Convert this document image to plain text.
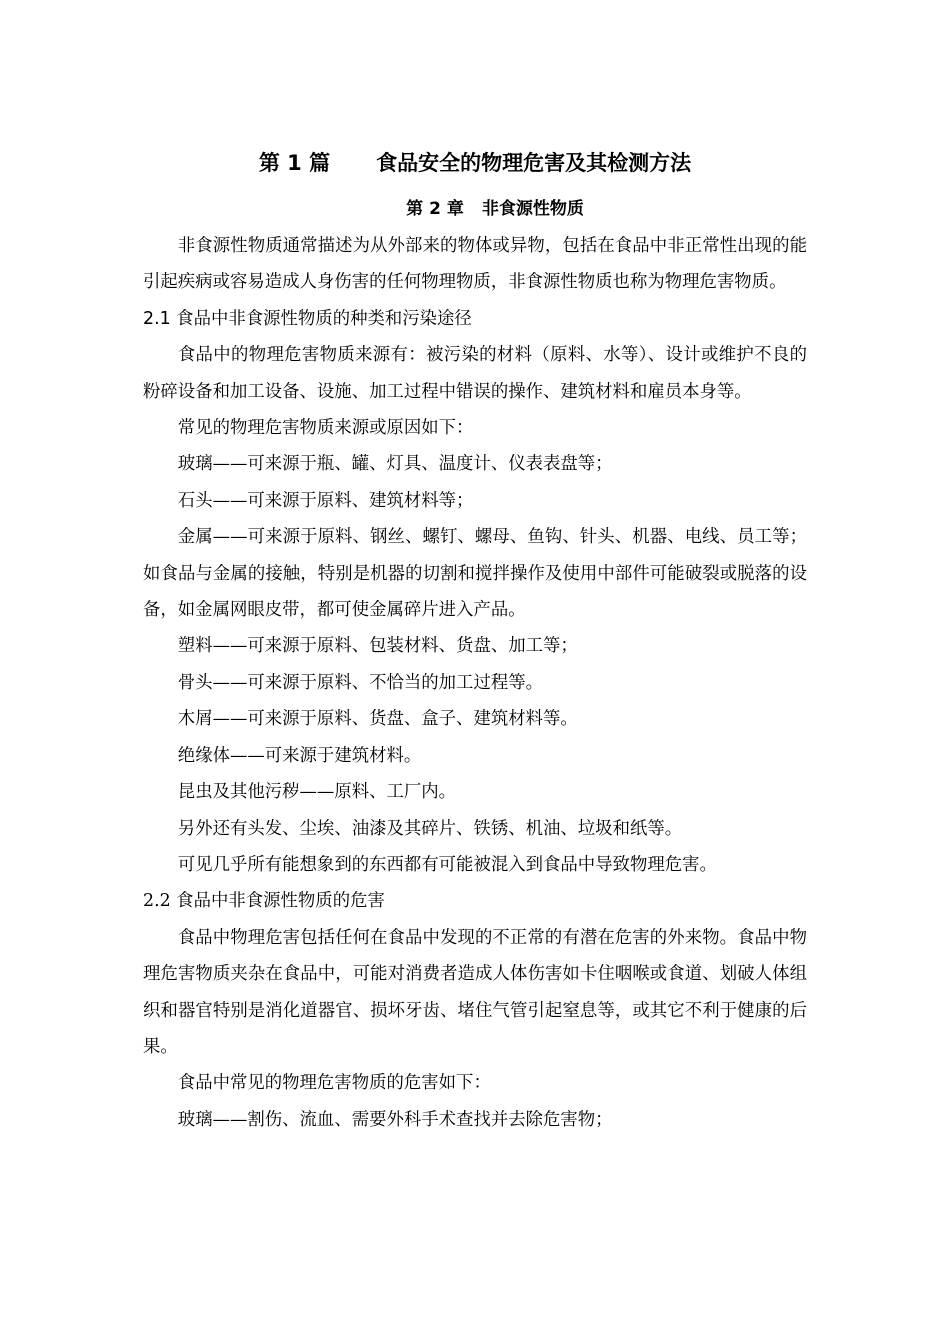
第 1 篇 食品安全的物理危害及其检测方法
第 2 章 非食源性物质

非食源性物质通常描述为从外部来的物体或异物，包括在食品中非正常性出现的能引起疾病或容易造成人身伤害的任何物理物质，非食源性物质也称为物理危害物质。

2.1 食品中非食源性物质的种类和污染途径

食品中的物理危害物质来源有：被污染的材料（原料、水等）、设计或维护不良的粉碎设备和加工设备、设施、加工过程中错误的操作、建筑材料和雇员本身等。

常见的物理危害物质来源或原因如下：

玻璃——可来源于瓶、罐、灯具、温度计、仪表表盘等；

石头——可来源于原料、建筑材料等；

金属——可来源于原料、钢丝、螺钉、螺母、鱼钩、针头、机器、电线、员工等；如食品与金属的接触，特别是机器的切割和搅拌操作及使用中部件可能破裂或脱落的设备，如金属网眼皮带，都可使金属碎片进入产品。

塑料——可来源于原料、包装材料、货盘、加工等；

骨头——可来源于原料、不恰当的加工过程等。

木屑——可来源于原料、货盘、盒子、建筑材料等。

绝缘体——可来源于建筑材料。

昆虫及其他污秽——原料、工厂内。

另外还有头发、尘埃、油漆及其碎片、铁锈、机油、垃圾和纸等。

可见几乎所有能想象到的东西都有可能被混入到食品中导致物理危害。

2.2 食品中非食源性物质的危害

食品中物理危害包括任何在食品中发现的不正常的有潜在危害的外来物。食品中物理危害物质夹杂在食品中，可能对消费者造成人体伤害如卡住咽喉或食道、划破人体组织和器官特别是消化道器官、损坏牙齿、堵住气管引起窒息等，或其它不利于健康的后果。

食品中常见的物理危害物质的危害如下：

玻璃——割伤、流血、需要外科手术查找并去除危害物；
